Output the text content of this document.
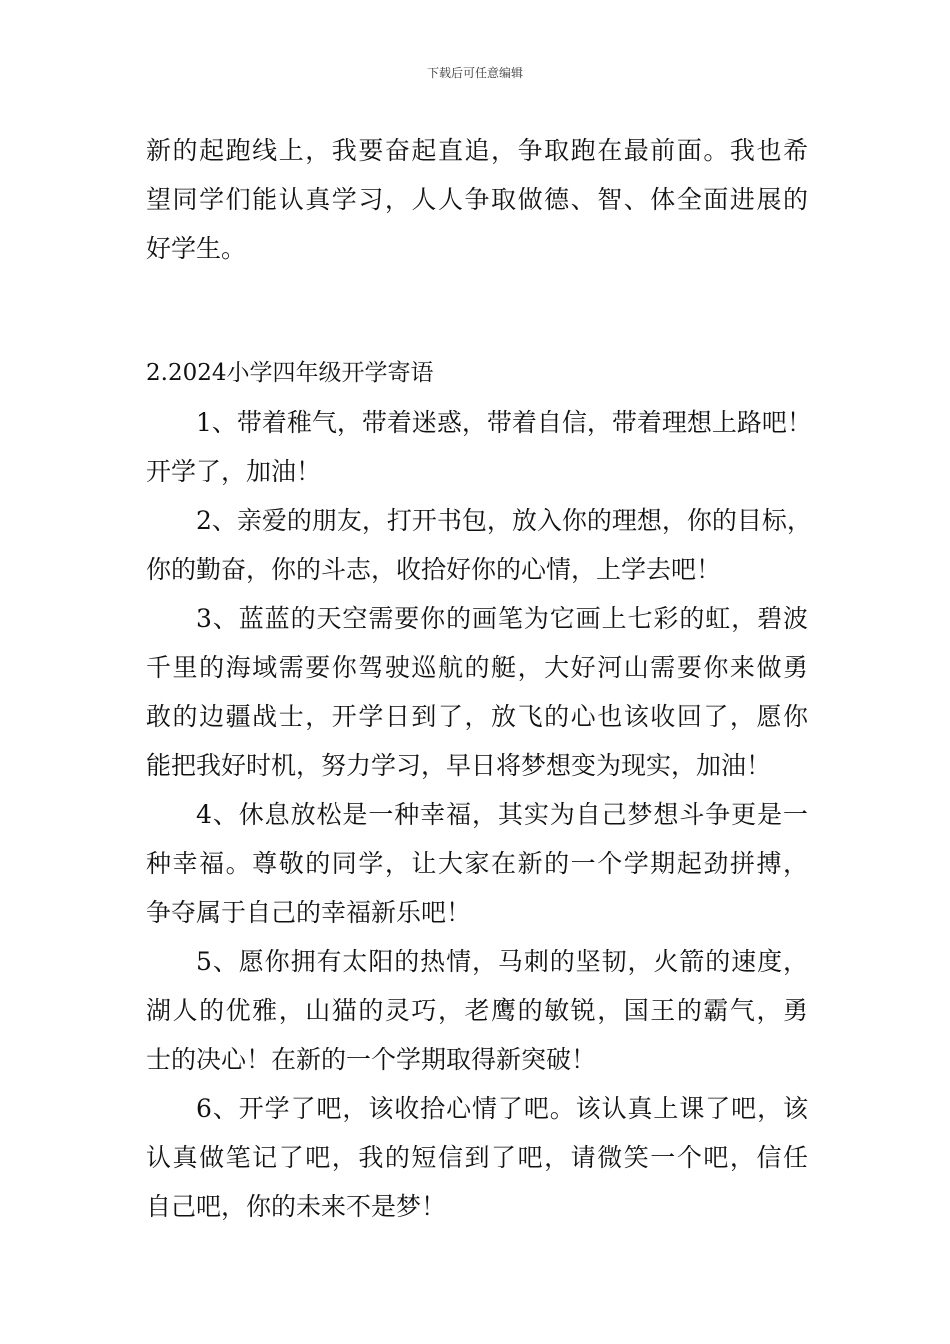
下载后可任意编辑
新的起跑线上，我要奋起直追，争取跑在最前面。我也希
望同学们能认真学习，人人争取做德、智、体全面进展的
好学生。
2.2024小学四年级开学寄语
1、带着稚气，带着迷惑，带着自信，带着理想上路吧！
开学了，加油！
2、亲爱的朋友，打开书包，放入你的理想，你的目标，
你的勤奋，你的斗志，收拾好你的心情，上学去吧！
3、蓝蓝的天空需要你的画笔为它画上七彩的虹，碧波
千里的海域需要你驾驶巡航的艇，大好河山需要你来做勇
敢的边疆战士，开学日到了，放飞的心也该收回了，愿你
能把我好时机，努力学习，早日将梦想变为现实，加油！
4、休息放松是一种幸福，其实为自己梦想斗争更是一
种幸福。尊敬的同学，让大家在新的一个学期起劲拼搏，
争夺属于自己的幸福新乐吧！
5、愿你拥有太阳的热情，马刺的坚韧，火箭的速度，
湖人的优雅，山猫的灵巧，老鹰的敏锐，国王的霸气，勇
士的决心！在新的一个学期取得新突破！
6、开学了吧，该收拾心情了吧。该认真上课了吧，该
认真做笔记了吧，我的短信到了吧，请微笑一个吧，信任
自己吧，你的未来不是梦！
